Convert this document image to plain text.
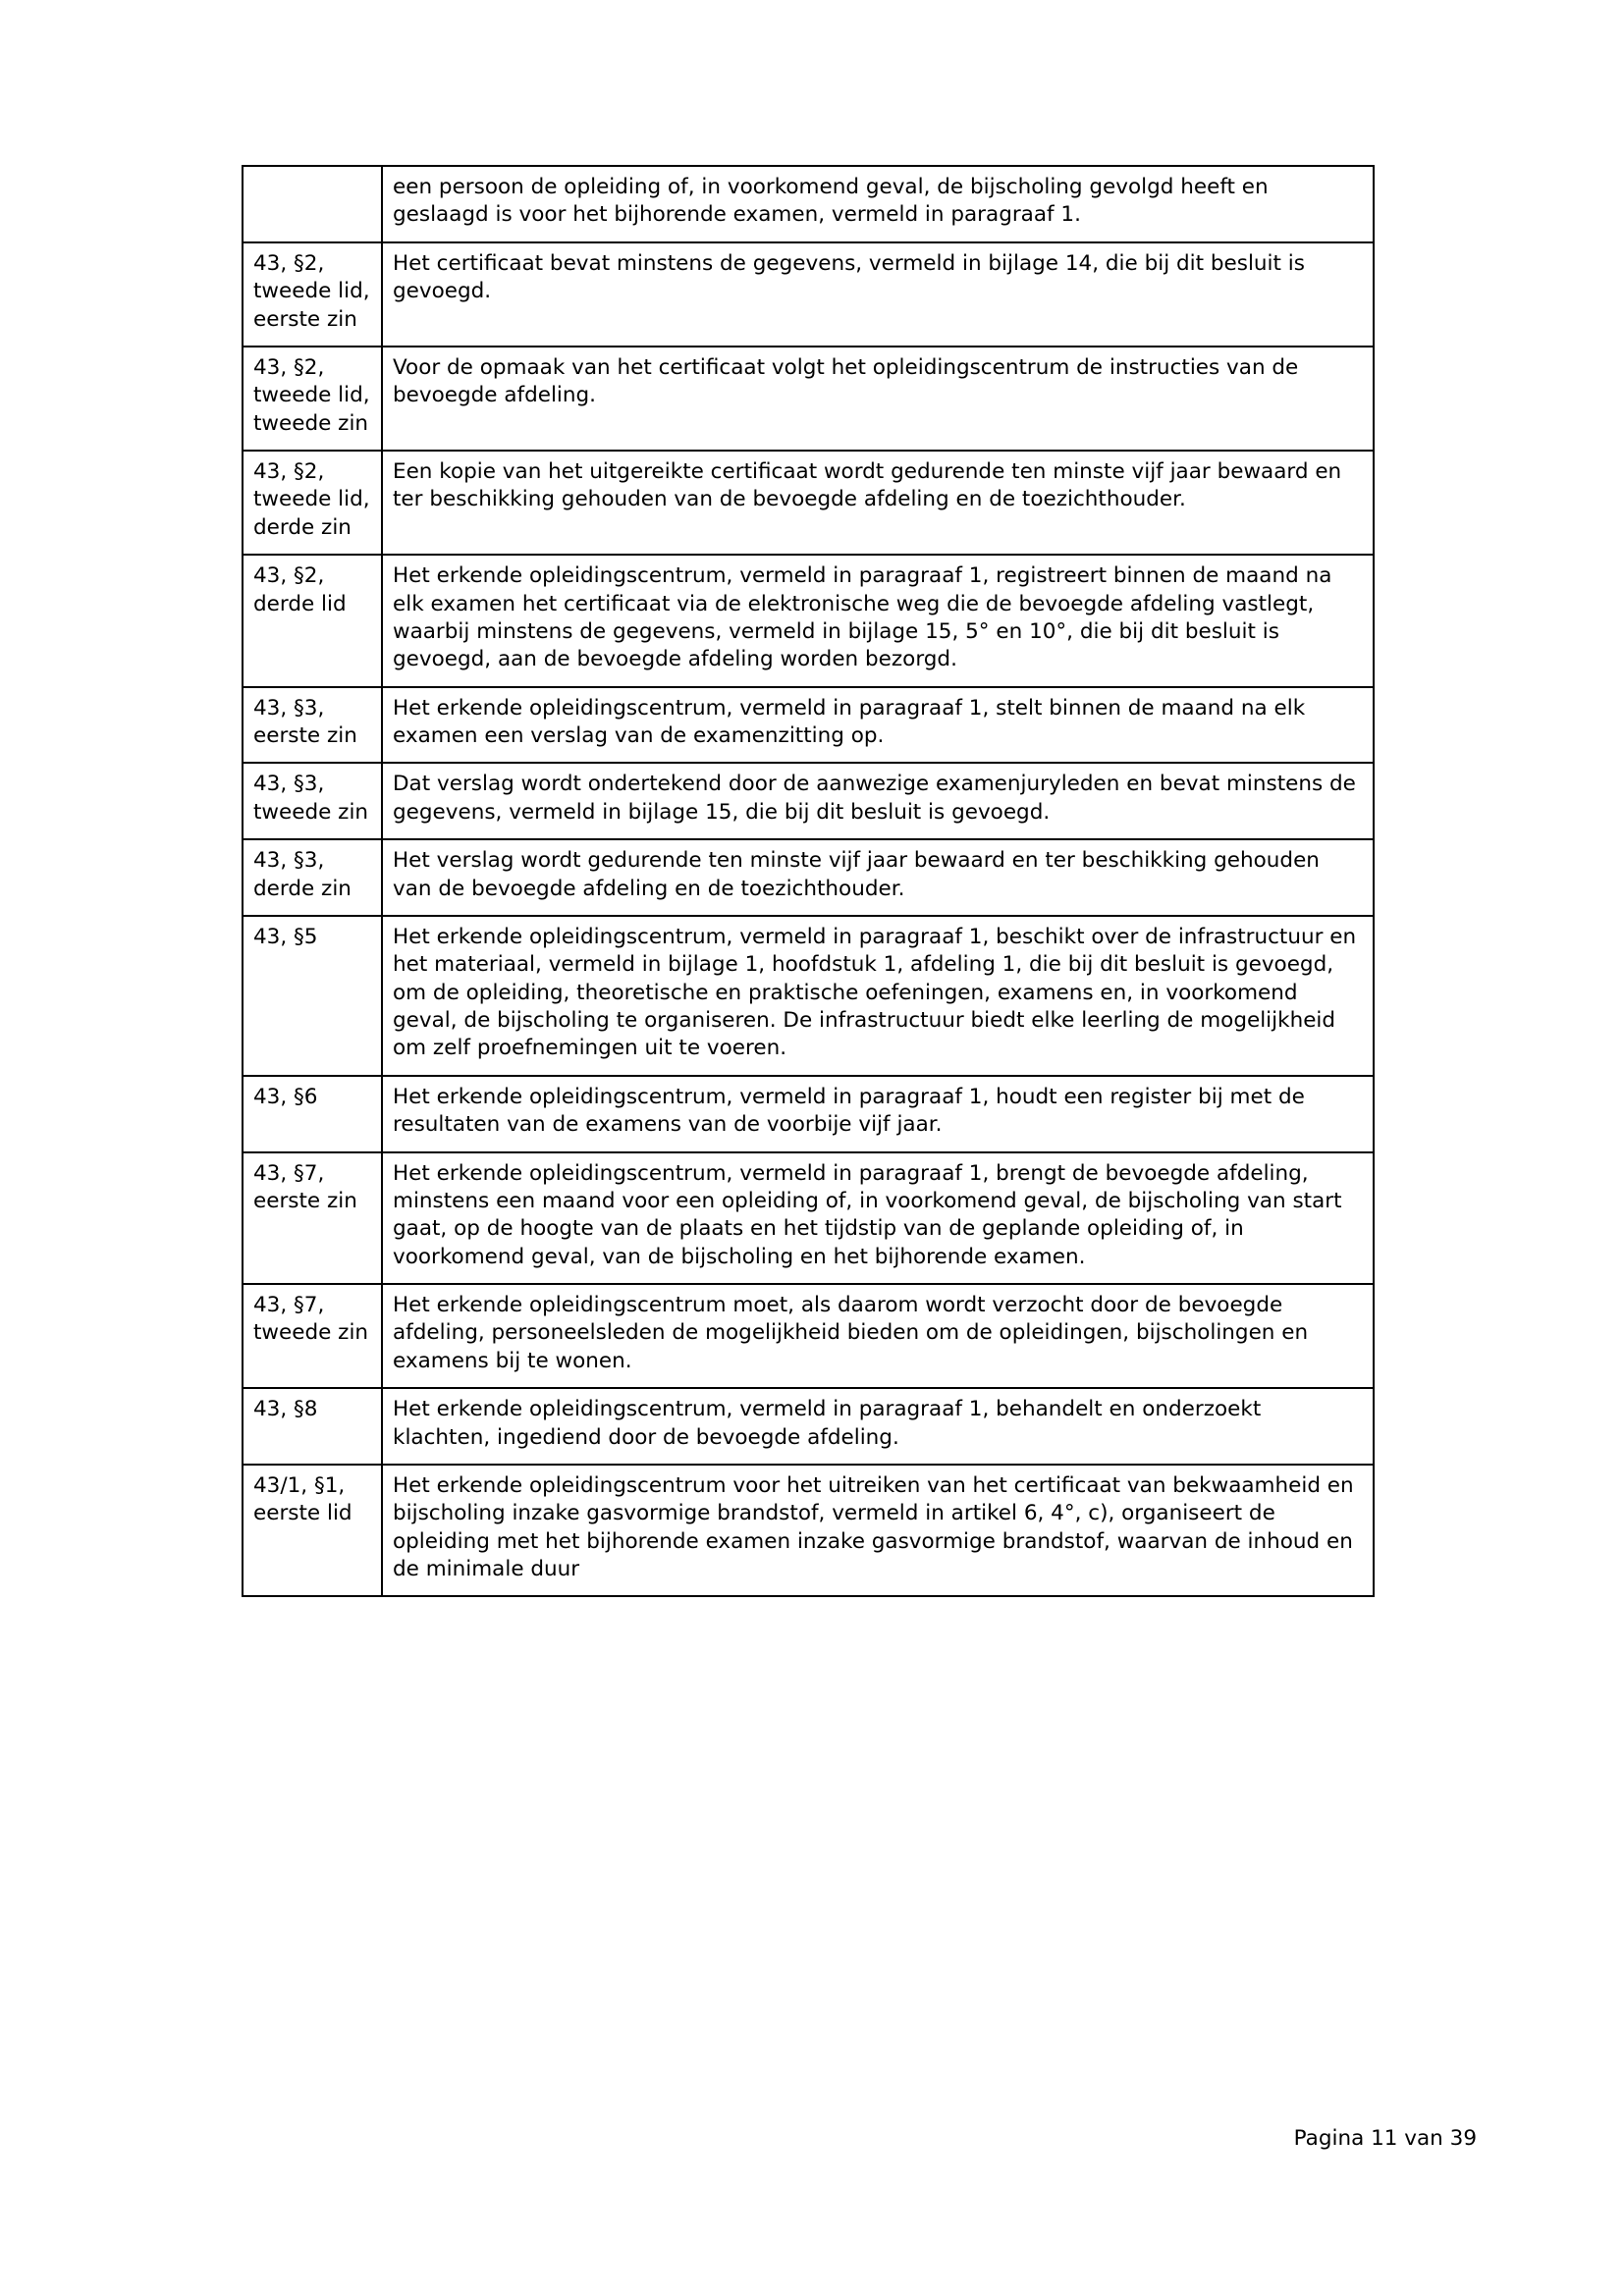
	een persoon de opleiding of, in voorkomend geval, de bijscholing gevolgd heeft en geslaagd is voor het bijhorende examen, vermeld in paragraaf 1.
43, §2, tweede lid, eerste zin	Het certificaat bevat minstens de gegevens, vermeld in bijlage 14, die bij dit besluit is gevoegd.
43, §2, tweede lid, tweede zin	Voor de opmaak van het certificaat volgt het opleidingscentrum de instructies van de bevoegde afdeling.
43, §2, tweede lid, derde zin	Een kopie van het uitgereikte certificaat wordt gedurende ten minste vijf jaar bewaard en ter beschikking gehouden van de bevoegde afdeling en de toezichthouder.
43, §2, derde lid	Het erkende opleidingscentrum, vermeld in paragraaf 1, registreert binnen de maand na elk examen het certificaat via de elektronische weg die de bevoegde afdeling vastlegt, waarbij minstens de gegevens, vermeld in bijlage 15, 5° en 10°, die bij dit besluit is gevoegd, aan de bevoegde afdeling worden bezorgd.
43, §3, eerste zin	Het erkende opleidingscentrum, vermeld in paragraaf 1, stelt binnen de maand na elk examen een verslag van de examenzitting op.
43, §3, tweede zin	Dat verslag wordt ondertekend door de aanwezige examenjuryleden en bevat minstens de gegevens, vermeld in bijlage 15, die bij dit besluit is gevoegd.
43, §3, derde zin	Het verslag wordt gedurende ten minste vijf jaar bewaard en ter beschikking gehouden van de bevoegde afdeling en de toezichthouder.
43, §5	Het erkende opleidingscentrum, vermeld in paragraaf 1, beschikt over de infrastructuur en het materiaal, vermeld in bijlage 1, hoofdstuk 1, afdeling 1, die bij dit besluit is gevoegd, om de opleiding, theoretische en praktische oefeningen, examens en, in voorkomend geval, de bijscholing te organiseren. De infrastructuur biedt elke leerling de mogelijkheid om zelf proefnemingen uit te voeren.
43, §6	Het erkende opleidingscentrum, vermeld in paragraaf 1, houdt een register bij met de resultaten van de examens van de voorbije vijf jaar.
43, §7, eerste zin	Het erkende opleidingscentrum, vermeld in paragraaf 1, brengt de bevoegde afdeling, minstens een maand voor een opleiding of, in voorkomend geval, de bijscholing van start gaat, op de hoogte van de plaats en het tijdstip van de geplande opleiding of, in voorkomend geval, van de bijscholing en het bijhorende examen.
43, §7, tweede zin	Het erkende opleidingscentrum moet, als daarom wordt verzocht door de bevoegde afdeling, personeelsleden de mogelijkheid bieden om de opleidingen, bijscholingen en examens bij te wonen.
43, §8	Het erkende opleidingscentrum, vermeld in paragraaf 1, behandelt en onderzoekt klachten, ingediend door de bevoegde afdeling.
43/1, §1, eerste lid	Het erkende opleidingscentrum voor het uitreiken van het certificaat van bekwaamheid en bijscholing inzake gasvormige brandstof, vermeld in artikel 6, 4°, c), organiseert de opleiding met het bijhorende examen inzake gasvormige brandstof, waarvan de inhoud en de minimale duur
Pagina 11 van 39
